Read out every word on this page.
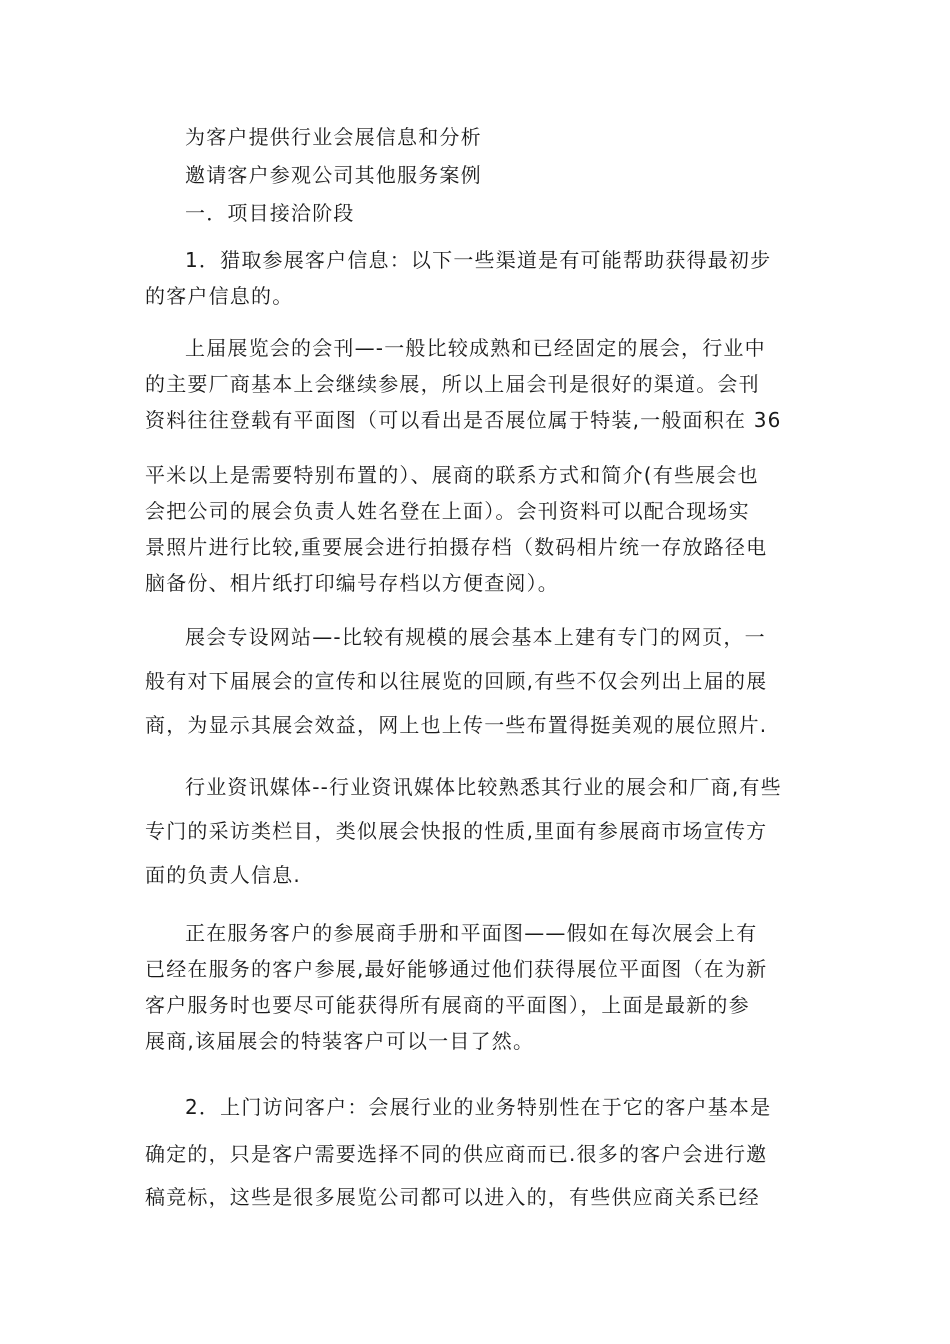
为客户提供行业会展信息和分析
邀请客户参观公司其他服务案例
一．项目接洽阶段
1．猎取参展客户信息：以下一些渠道是有可能帮助获得最初步
的客户信息的。
上届展览会的会刊—-一般比较成熟和已经固定的展会，行业中
的主要厂商基本上会继续参展，所以上届会刊是很好的渠道。会刊
资料往往登载有平面图（可以看出是否展位属于特装,一般面积在 36
平米以上是需要特别布置的）、展商的联系方式和简介(有些展会也
会把公司的展会负责人姓名登在上面）。会刊资料可以配合现场实
景照片进行比较,重要展会进行拍摄存档（数码相片统一存放路径电
脑备份、相片纸打印编号存档以方便查阅）。
展会专设网站—-比较有规模的展会基本上建有专门的网页，一
般有对下届展会的宣传和以往展览的回顾,有些不仅会列出上届的展
商，为显示其展会效益，网上也上传一些布置得挺美观的展位照片.
行业资讯媒体--行业资讯媒体比较熟悉其行业的展会和厂商,有些
专门的采访类栏目，类似展会快报的性质,里面有参展商市场宣传方
面的负责人信息.
正在服务客户的参展商手册和平面图——假如在每次展会上有
已经在服务的客户参展,最好能够通过他们获得展位平面图（在为新
客户服务时也要尽可能获得所有展商的平面图），上面是最新的参
展商,该届展会的特装客户可以一目了然。
2．上门访问客户：会展行业的业务特别性在于它的客户基本是
确定的，只是客户需要选择不同的供应商而已.很多的客户会进行邀
稿竞标，这些是很多展览公司都可以进入的，有些供应商关系已经
